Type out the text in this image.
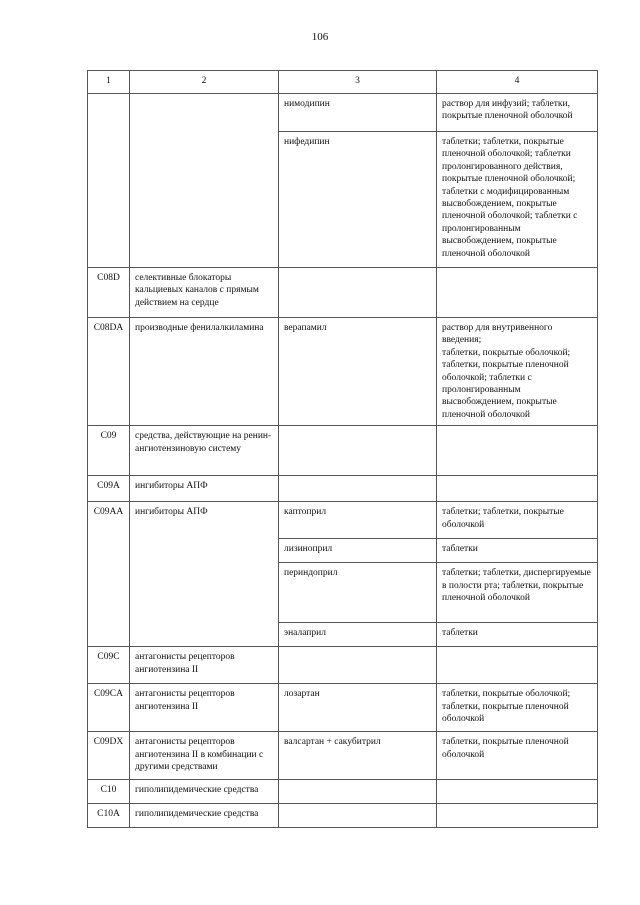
106
1	2	3	4
		нимодипин	раствор для инфузий; таблетки, покрытые пленочной оболочкой
		нифедипин	таблетки; таблетки, покрытые пленочной оболочкой; таблетки пролонгированного действия, покрытые пленочной оболочкой; таблетки с модифицированным высвобождением, покрытые пленочной оболочкой; таблетки с пролонгированным высвобождением, покрытые пленочной оболочкой
C08D	селективные блокаторы кальциевых каналов с прямым действием на сердце		
C08DA	производные фенилалкиламина	верапамил	раствор для внутривенного введения;
таблетки, покрытые оболочкой; таблетки, покрытые пленочной оболочкой; таблетки с пролонгированным высвобождением, покрытые пленочной оболочкой
C09	средства, действующие на ренин-ангиотензиновую систему		
C09A	ингибиторы АПФ		
C09AA	ингибиторы АПФ	каптоприл	таблетки; таблетки, покрытые оболочкой
		лизиноприл	таблетки
		периндоприл	таблетки; таблетки, диспергируемые в полости рта; таблетки, покрытые пленочной оболочкой
		эналаприл	таблетки
C09C	антагонисты рецепторов ангиотензина II		
C09CA	антагонисты рецепторов ангиотензина II	лозартан	таблетки, покрытые оболочкой; таблетки, покрытые пленочной оболочкой
C09DX	антагонисты рецепторов ангиотензина II в комбинации с другими средствами	валсартан + сакубитрил	таблетки, покрытые пленочной оболочкой
C10	гиполипидемические средства		
C10A	гиполипидемические средства		
